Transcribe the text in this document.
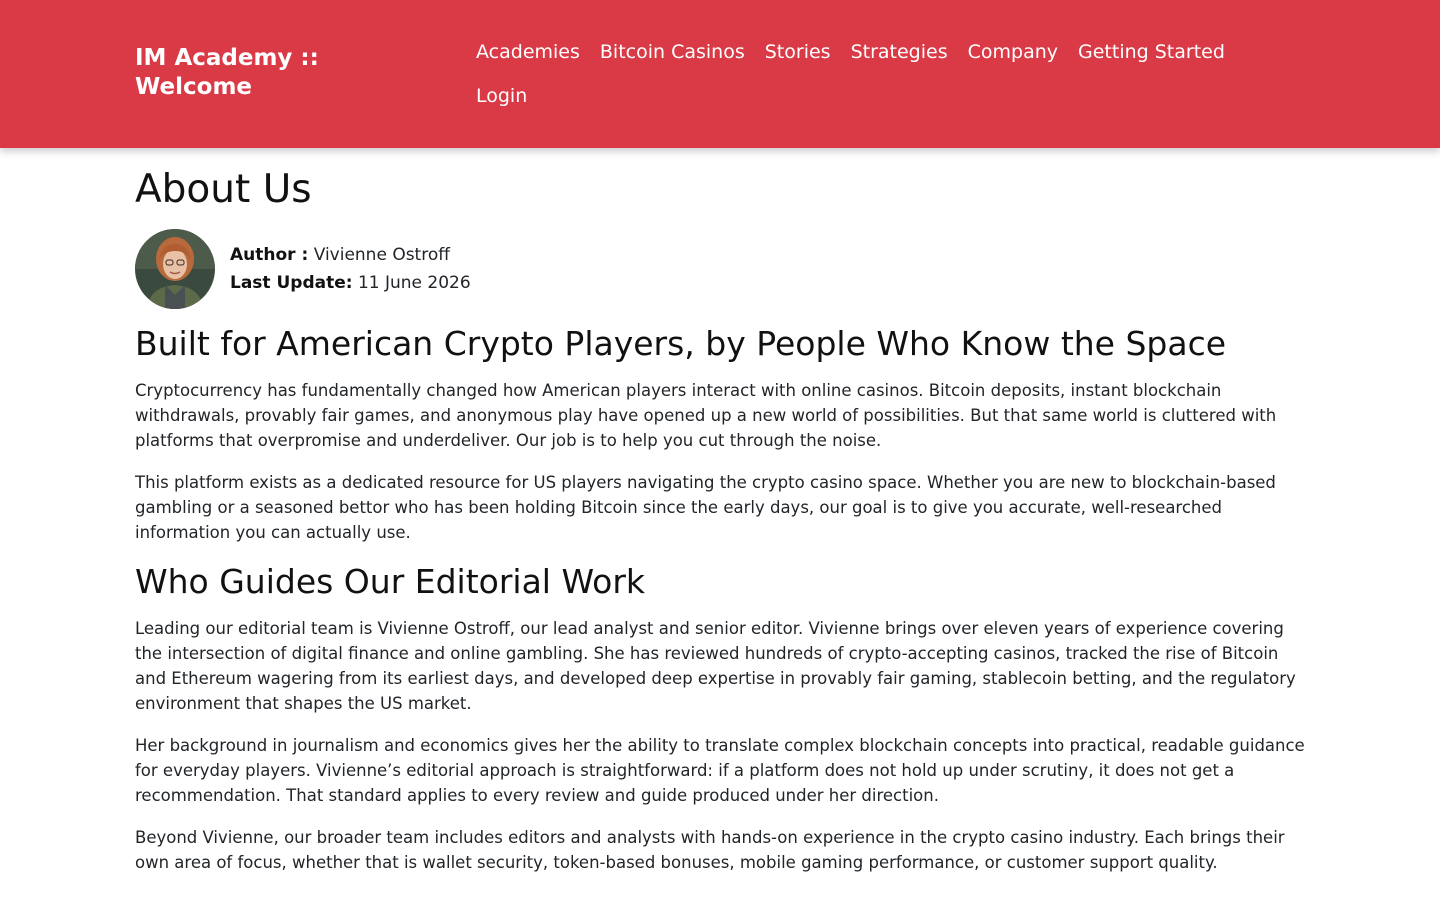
IM Academy :: Welcome
Academies	Bitcoin Casinos	Stories	Strategies	Company	Getting Started
Login
About Us
Author : Vivienne Ostroff
Last Update: 11 June 2026
Built for American Crypto Players, by People Who Know the Space

Cryptocurrency has fundamentally changed how American players interact with online casinos. Bitcoin deposits, instant blockchain withdrawals, provably fair games, and anonymous play have opened up a new world of possibilities. But that same world is cluttered with platforms that overpromise and underdeliver. Our job is to help you cut through the noise.

This platform exists as a dedicated resource for US players navigating the crypto casino space. Whether you are new to blockchain-based gambling or a seasoned bettor who has been holding Bitcoin since the early days, our goal is to give you accurate, well-researched information you can actually use.

Who Guides Our Editorial Work

Leading our editorial team is Vivienne Ostroff, our lead analyst and senior editor. Vivienne brings over eleven years of experience covering the intersection of digital finance and online gambling. She has reviewed hundreds of crypto-accepting casinos, tracked the rise of Bitcoin and Ethereum wagering from its earliest days, and developed deep expertise in provably fair gaming, stablecoin betting, and the regulatory environment that shapes the US market.

Her background in journalism and economics gives her the ability to translate complex blockchain concepts into practical, readable guidance for everyday players. Vivienne’s editorial approach is straightforward: if a platform does not hold up under scrutiny, it does not get a recommendation. That standard applies to every review and guide produced under her direction.

Beyond Vivienne, our broader team includes editors and analysts with hands-on experience in the crypto casino industry. Each brings their own area of focus, whether that is wallet security, token-based bonuses, mobile gaming performance, or customer support quality.
